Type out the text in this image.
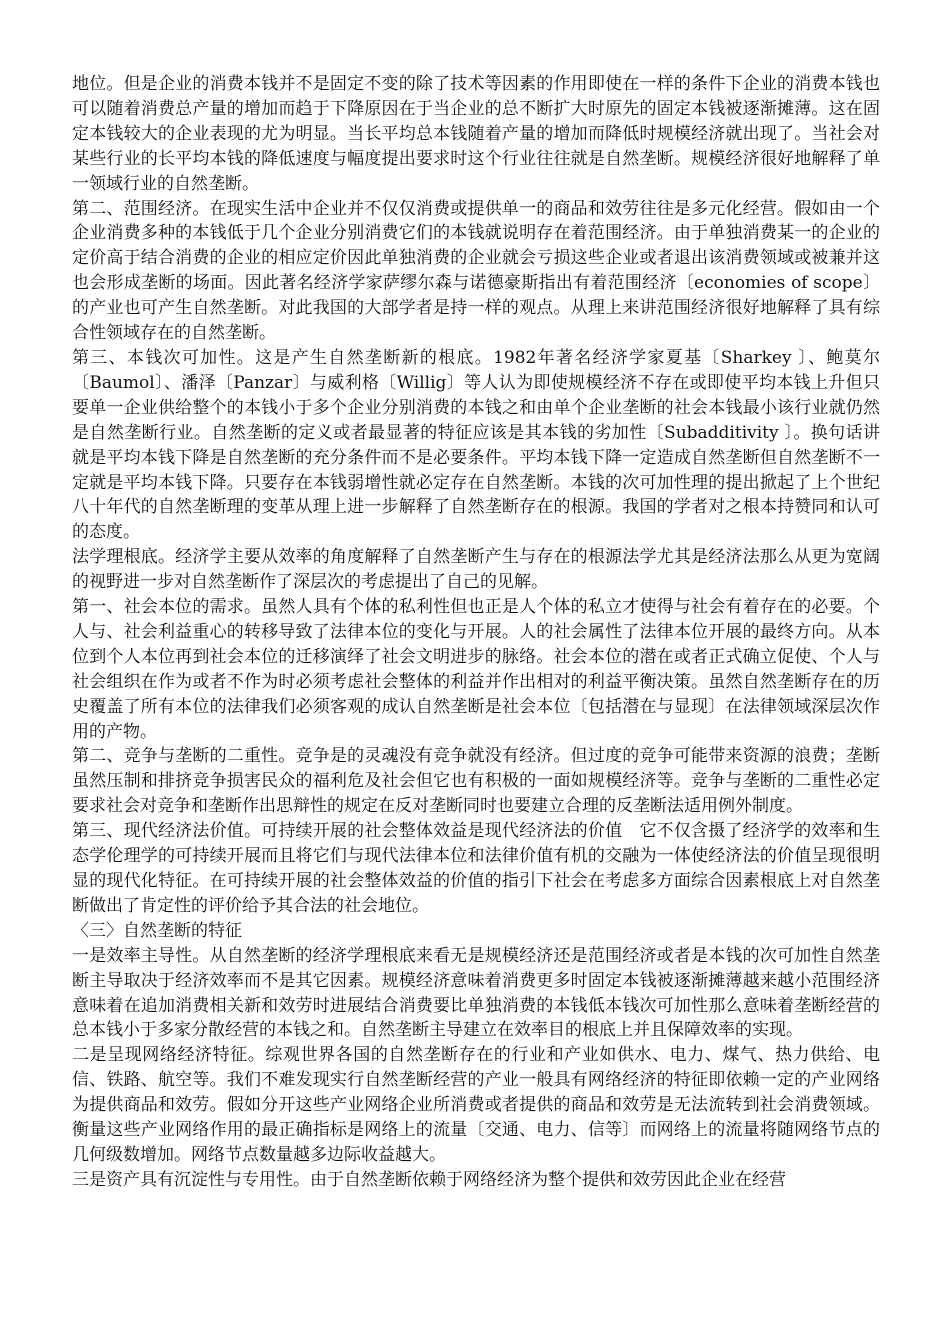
地位。但是企业的消费本钱并不是固定不变的除了技术等因素的作用即使在一样的条件下企业的消费本钱也可以随着消费总产量的增加而趋于下降原因在于当企业的总不断扩大时原先的固定本钱被逐渐摊薄。这在固定本钱较大的企业表现的尤为明显。当长平均总本钱随着产量的增加而降低时规模经济就出现了。当社会对某些行业的长平均本钱的降低速度与幅度提出要求时这个行业往往就是自然垄断。规模经济很好地解释了单一领域行业的自然垄断。

第二、范围经济。在现实生活中企业并不仅仅消费或提供单一的商品和效劳往往是多元化经营。假如由一个企业消费多种的本钱低于几个企业分别消费它们的本钱就说明存在着范围经济。由于单独消费某一的企业的定价高于结合消费的企业的相应定价因此单独消费的企业就会亏损这些企业或者退出该消费领域或被兼并这也会形成垄断的场面。因此著名经济学家萨缪尔森与诺德豪斯指出有着范围经济〔economies of scope〕的产业也可产生自然垄断。对此我国的大部学者是持一样的观点。从理上来讲范围经济很好地解释了具有综合性领域存在的自然垄断。

第三、本钱次可加性。这是产生自然垄断新的根底。1982年著名经济学家夏基〔Sharkey 〕、鲍莫尔〔Baumol〕、潘泽〔Panzar〕与威利格〔Willig〕等人认为即使规模经济不存在或即使平均本钱上升但只要单一企业供给整个的本钱小于多个企业分别消费的本钱之和由单个企业垄断的社会本钱最小该行业就仍然是自然垄断行业。自然垄断的定义或者最显著的特征应该是其本钱的劣加性〔Subadditivity 〕。换句话讲就是平均本钱下降是自然垄断的充分条件而不是必要条件。平均本钱下降一定造成自然垄断但自然垄断不一定就是平均本钱下降。只要存在本钱弱增性就必定存在自然垄断。本钱的次可加性理的提出掀起了上个世纪八十年代的自然垄断理的变革从理上进一步解释了自然垄断存在的根源。我国的学者对之根本持赞同和认可的态度。

法学理根底。经济学主要从效率的角度解释了自然垄断产生与存在的根源法学尤其是经济法那么从更为宽阔的视野进一步对自然垄断作了深层次的考虑提出了自己的见解。

第一、社会本位的需求。虽然人具有个体的私利性但也正是人个体的私立才使得与社会有着存在的必要。个人与、社会利益重心的转移导致了法律本位的变化与开展。人的社会属性了法律本位开展的最终方向。从本位到个人本位再到社会本位的迁移演绎了社会文明进步的脉络。社会本位的潜在或者正式确立促使、个人与社会组织在作为或者不作为时必须考虑社会整体的利益并作出相对的利益平衡决策。虽然自然垄断存在的历史覆盖了所有本位的法律我们必须客观的成认自然垄断是社会本位〔包括潜在与显现〕在法律领域深层次作用的产物。

第二、竞争与垄断的二重性。竞争是的灵魂没有竞争就没有经济。但过度的竞争可能带来资源的浪费；垄断虽然压制和排挤竞争损害民众的福利危及社会但它也有积极的一面如规模经济等。竞争与垄断的二重性必定要求社会对竞争和垄断作出思辩性的规定在反对垄断同时也要建立合理的反垄断法适用例外制度。

第三、现代经济法价值。可持续开展的社会整体效益是现代经济法的价值　它不仅含摄了经济学的效率和生态学伦理学的可持续开展而且将它们与现代法律本位和法律价值有机的交融为一体使经济法的价值呈现很明显的现代化特征。在可持续开展的社会整体效益的价值的指引下社会在考虑多方面综合因素根底上对自然垄断做出了肯定性的评价给予其合法的社会地位。

〈三〉自然垄断的特征

一是效率主导性。从自然垄断的经济学理根底来看无是规模经济还是范围经济或者是本钱的次可加性自然垄断主导取决于经济效率而不是其它因素。规模经济意味着消费更多时固定本钱被逐渐摊薄越来越小范围经济意味着在追加消费相关新和效劳时进展结合消费要比单独消费的本钱低本钱次可加性那么意味着垄断经营的总本钱小于多家分散经营的本钱之和。自然垄断主导建立在效率目的根底上并且保障效率的实现。

二是呈现网络经济特征。综观世界各国的自然垄断存在的行业和产业如供水、电力、煤气、热力供给、电信、铁路、航空等。我们不难发现实行自然垄断经营的产业一般具有网络经济的特征即依赖一定的产业网络为提供商品和效劳。假如分开这些产业网络企业所消费或者提供的商品和效劳是无法流转到社会消费领域。衡量这些产业网络作用的最正确指标是网络上的流量〔交通、电力、信等〕而网络上的流量将随网络节点的几何级数增加。网络节点数量越多边际收益越大。

三是资产具有沉淀性与专用性。由于自然垄断依赖于网络经济为整个提供和效劳因此企业在经营
